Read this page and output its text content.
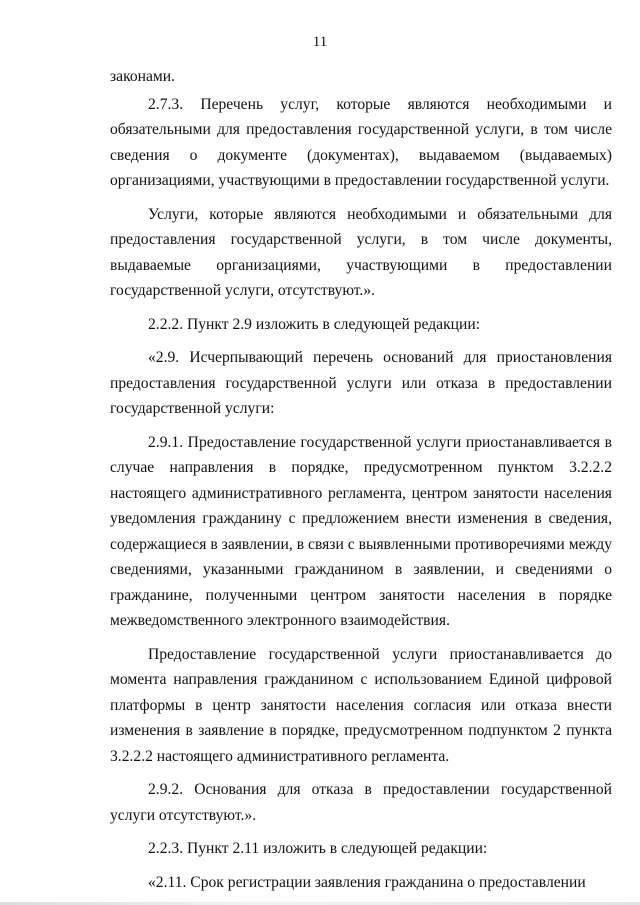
11

законами.

2.7.3. Перечень услуг, которые являются необходимыми и обязательными для предоставления государственной услуги, в том числе сведения о документе (документах), выдаваемом (выдаваемых) организациями, участвующими в предоставлении государственной услуги.

Услуги, которые являются необходимыми и обязательными для предоставления государственной услуги, в том числе документы, выдаваемые организациями, участвующими в предоставлении государственной услуги, отсутствуют.».

2.2.2. Пункт 2.9 изложить в следующей редакции:

«2.9. Исчерпывающий перечень оснований для приостановления предоставления государственной услуги или отказа в предоставлении государственной услуги:

2.9.1. Предоставление государственной услуги приостанавливается в случае направления в порядке, предусмотренном пунктом 3.2.2.2 настоящего административного регламента, центром занятости населения уведомления гражданину с предложением внести изменения в сведения, содержащиеся в заявлении, в связи с выявленными противоречиями между сведениями, указанными гражданином в заявлении, и сведениями о гражданине, полученными центром занятости населения в порядке межведомственного электронного взаимодействия.

Предоставление государственной услуги приостанавливается до момента направления гражданином с использованием Единой цифровой платформы в центр занятости населения согласия или отказа внести изменения в заявление в порядке, предусмотренном подпунктом 2 пункта 3.2.2.2 настоящего административного регламента.

2.9.2. Основания для отказа в предоставлении государственной услуги отсутствуют.».

2.2.3. Пункт 2.11 изложить в следующей редакции:

«2.11. Срок регистрации заявления гражданина о предоставлении
